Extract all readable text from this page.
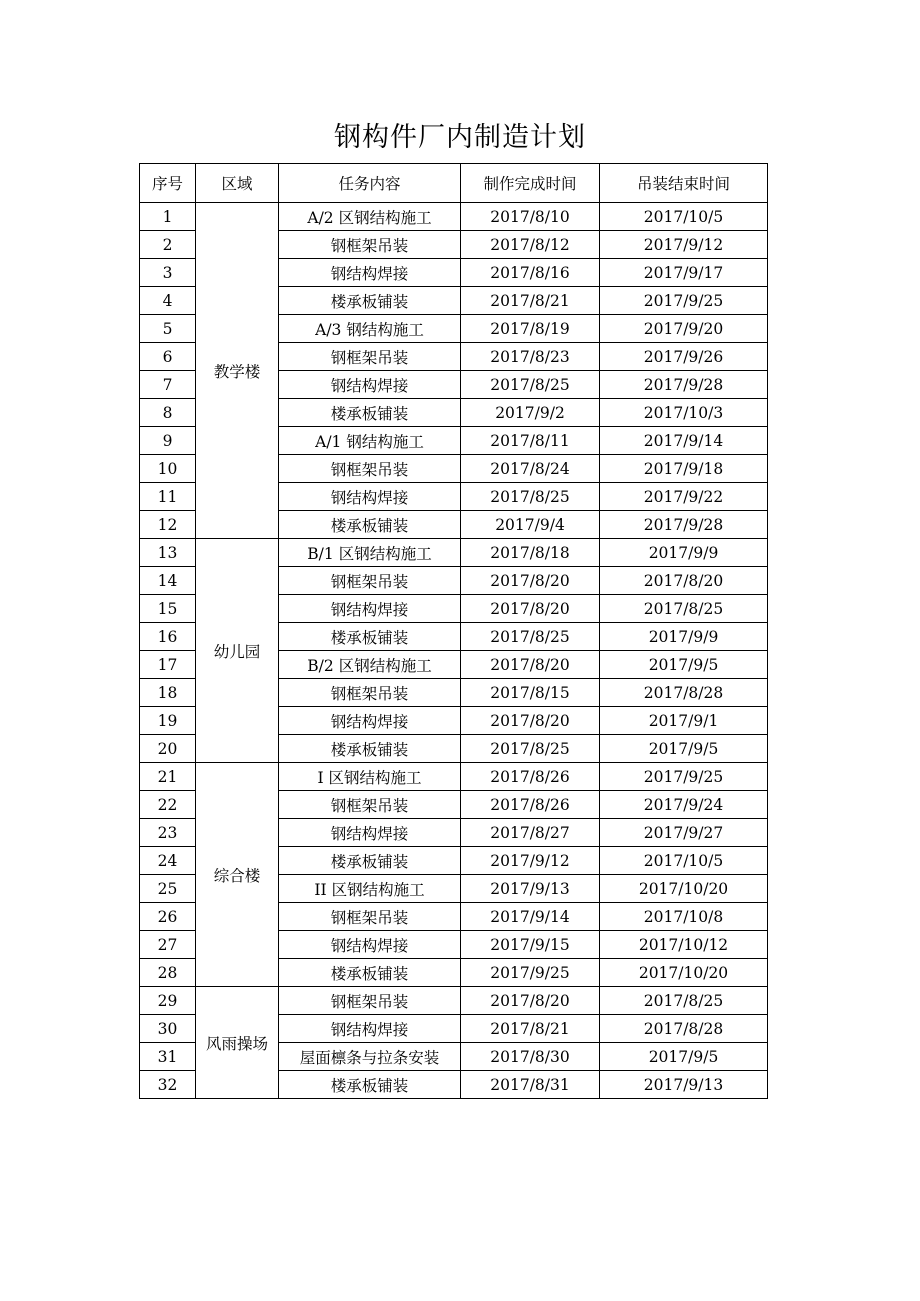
钢构件厂内制造计划
序号	区域	任务内容	制作完成时间	吊装结束时间
1	教学楼	A/2 区钢结构施工	2017/8/10	2017/10/5
2		钢框架吊装	2017/8/12	2017/9/12
3		钢结构焊接	2017/8/16	2017/9/17
4		楼承板铺装	2017/8/21	2017/9/25
5		A/3 钢结构施工	2017/8/19	2017/9/20
6		钢框架吊装	2017/8/23	2017/9/26
7		钢结构焊接	2017/8/25	2017/9/28
8		楼承板铺装	2017/9/2	2017/10/3
9		A/1 钢结构施工	2017/8/11	2017/9/14
10		钢框架吊装	2017/8/24	2017/9/18
11		钢结构焊接	2017/8/25	2017/9/22
12		楼承板铺装	2017/9/4	2017/9/28
13	幼儿园	B/1 区钢结构施工	2017/8/18	2017/9/9
14		钢框架吊装	2017/8/20	2017/8/20
15		钢结构焊接	2017/8/20	2017/8/25
16		楼承板铺装	2017/8/25	2017/9/9
17		B/2 区钢结构施工	2017/8/20	2017/9/5
18		钢框架吊装	2017/8/15	2017/8/28
19		钢结构焊接	2017/8/20	2017/9/1
20		楼承板铺装	2017/8/25	2017/9/5
21	综合楼	I 区钢结构施工	2017/8/26	2017/9/25
22		钢框架吊装	2017/8/26	2017/9/24
23		钢结构焊接	2017/8/27	2017/9/27
24		楼承板铺装	2017/9/12	2017/10/5
25		II 区钢结构施工	2017/9/13	2017/10/20
26		钢框架吊装	2017/9/14	2017/10/8
27		钢结构焊接	2017/9/15	2017/10/12
28		楼承板铺装	2017/9/25	2017/10/20
29	风雨操场	钢框架吊装	2017/8/20	2017/8/25
30		钢结构焊接	2017/8/21	2017/8/28
31		屋面檩条与拉条安装	2017/8/30	2017/9/5
32		楼承板铺装	2017/8/31	2017/9/13
